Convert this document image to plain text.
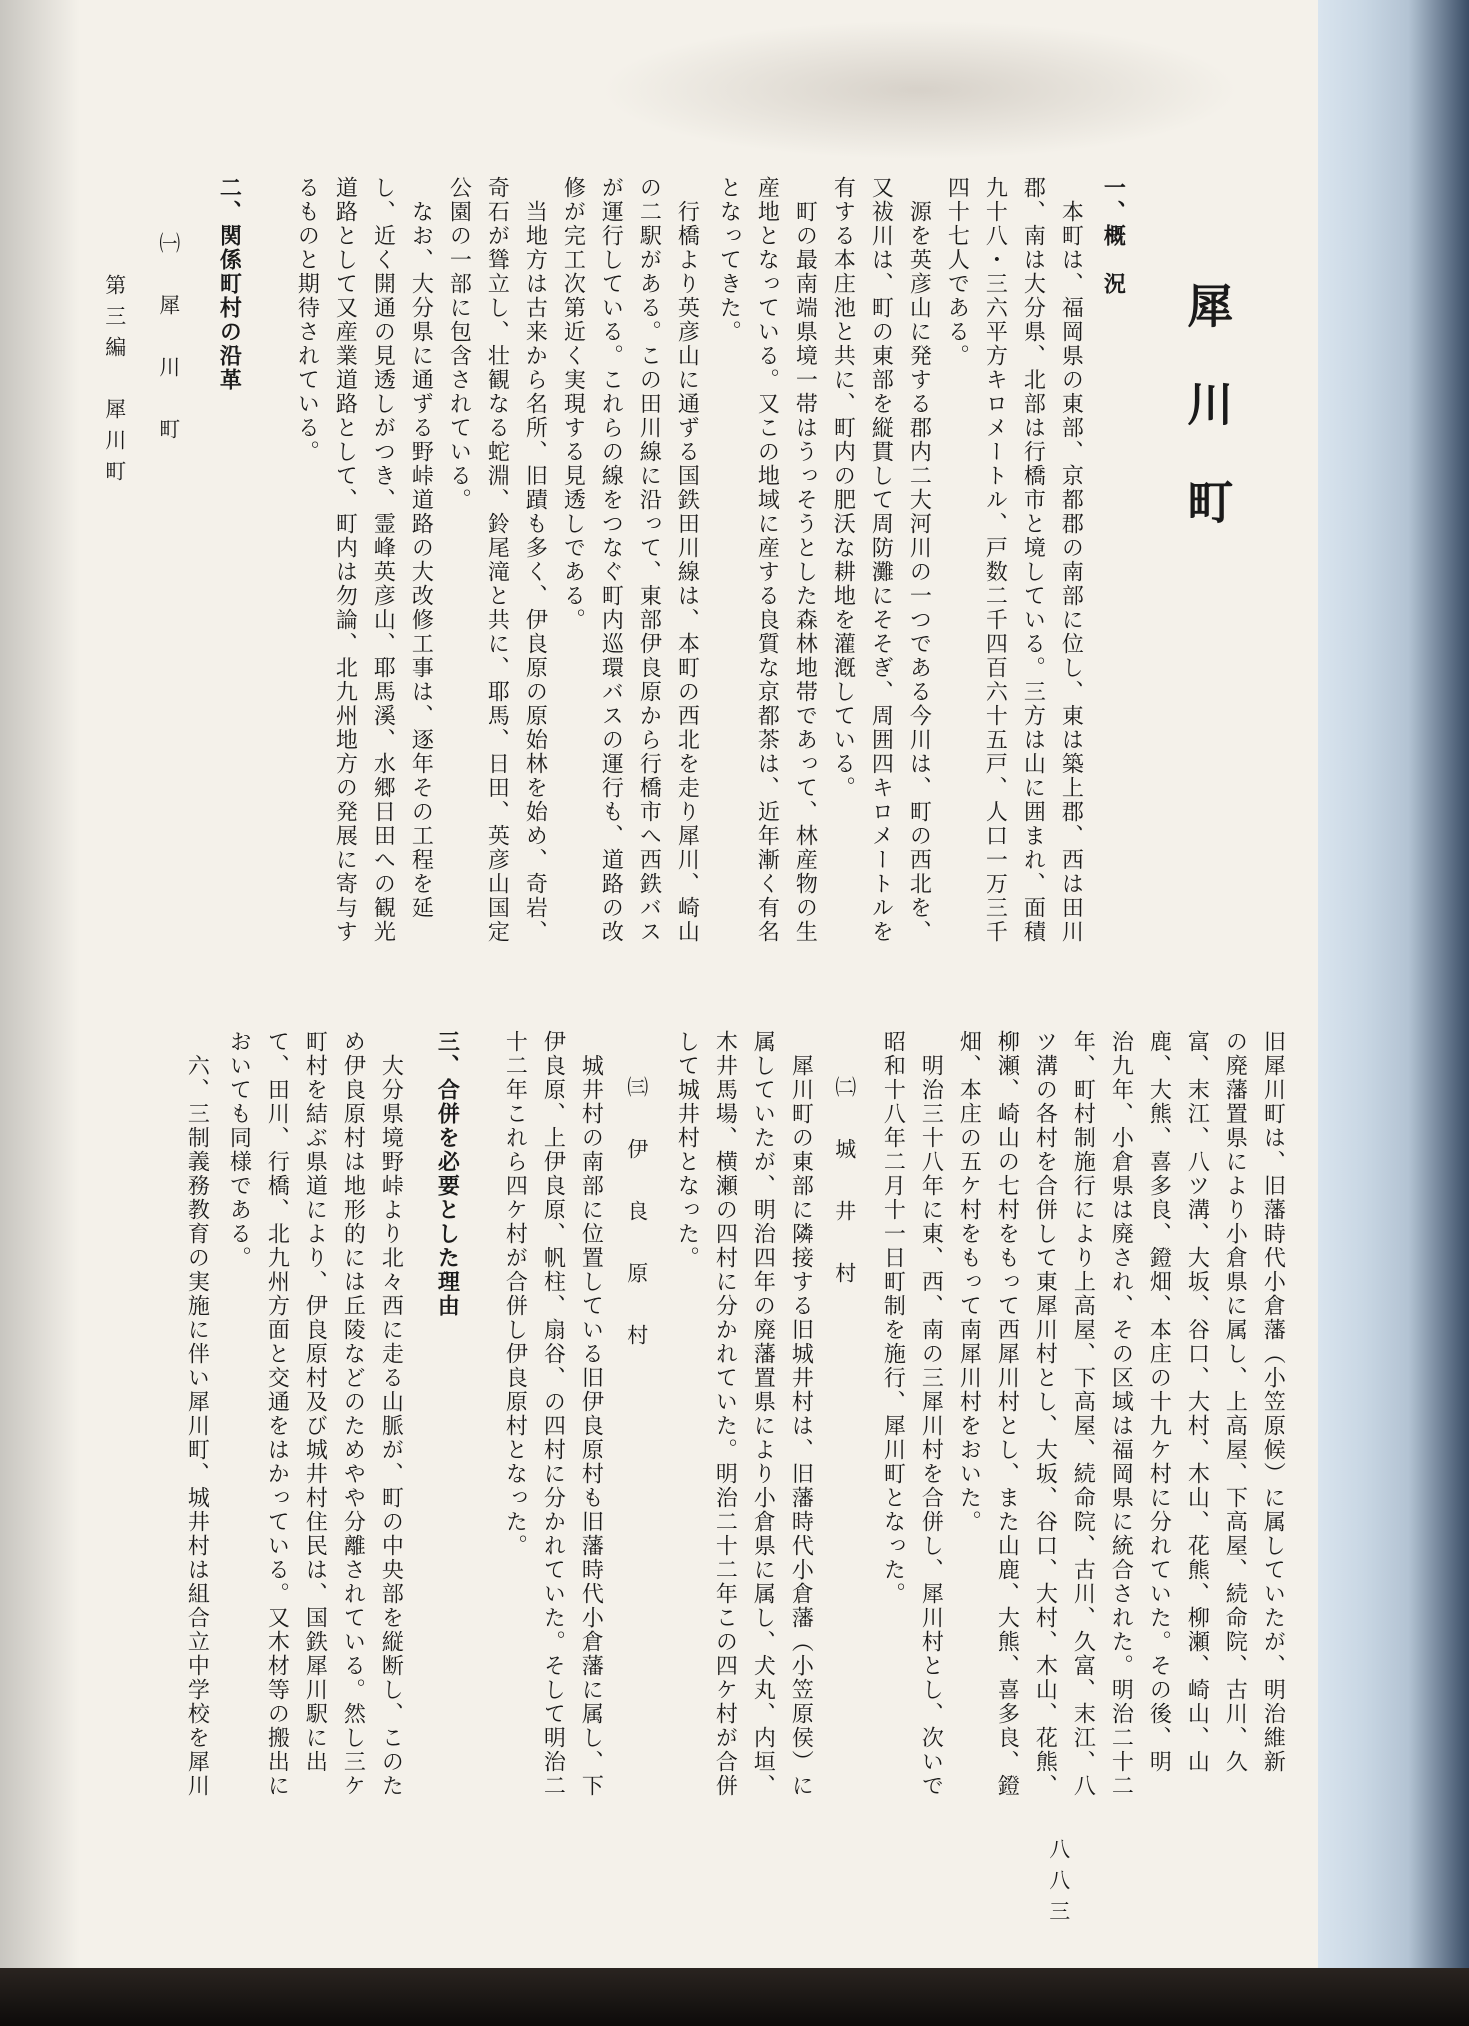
犀川町
一、概　況
本町は、福岡県の東部、京都郡の南部に位し、東は築上郡、西は田川
郡、南は大分県、北部は行橋市と境している。三方は山に囲まれ、面積
九十八・三六平方キロメートル、戸数二千四百六十五戸、人口一万三千
四十七人である。
源を英彦山に発する郡内二大河川の一つである今川は、町の西北を、
又祓川は、町の東部を縦貫して周防灘にそそぎ、周囲四キロメートルを
有する本庄池と共に、町内の肥沃な耕地を灌漑している。
町の最南端県境一帯はうっそうとした森林地帯であって、林産物の生
産地となっている。又この地域に産する良質な京都茶は、近年漸く有名
となってきた。
行橋より英彦山に通ずる国鉄田川線は、本町の西北を走り犀川、崎山
の二駅がある。この田川線に沿って、東部伊良原から行橋市へ西鉄バス
が運行している。これらの線をつなぐ町内巡環バスの運行も、道路の改
修が完工次第近く実現する見透しである。
当地方は古来から名所、旧蹟も多く、伊良原の原始林を始め、奇岩、
奇石が聳立し、壮観なる蛇淵、鈴尾滝と共に、耶馬、日田、英彦山国定
公園の一部に包含されている。
なお、大分県に通ずる野峠道路の大改修工事は、逐年その工程を延
し、近く開通の見透しがつき、霊峰英彦山、耶馬溪、水郷日田への観光
道路として又産業道路として、町内は勿論、北九州地方の発展に寄与す
るものと期待されている。
二、関係町村の沿革
㈠　犀　川　町
第三編　犀川町
旧犀川町は、旧藩時代小倉藩（小笠原候）に属していたが、明治維新
の廃藩置県により小倉県に属し、上高屋、下高屋、続命院、古川、久
富、末江、八ツ溝、大坂、谷口、大村、木山、花熊、柳瀬、崎山、山
鹿、大熊、喜多良、鐙畑、本庄の十九ケ村に分れていた。その後、明
治九年、小倉県は廃され、その区域は福岡県に統合された。明治二十二
年、町村制施行により上高屋、下高屋、続命院、古川、久富、末江、八
ツ溝の各村を合併して東犀川村とし、大坂、谷口、大村、木山、花熊、
柳瀬、崎山の七村をもって西犀川村とし、また山鹿、大熊、喜多良、鐙
畑、本庄の五ケ村をもって南犀川村をおいた。
明治三十八年に東、西、南の三犀川村を合併し、犀川村とし、次いで
昭和十八年二月十一日町制を施行、犀川町となった。
㈡　城　井　村
犀川町の東部に隣接する旧城井村は、旧藩時代小倉藩（小笠原侯）に
属していたが、明治四年の廃藩置県により小倉県に属し、犬丸、内垣、
木井馬場、横瀬の四村に分かれていた。明治二十二年この四ケ村が合併
して城井村となった。
㈢　伊　良　原　村
城井村の南部に位置している旧伊良原村も旧藩時代小倉藩に属し、下
伊良原、上伊良原、帆柱、扇谷、の四村に分かれていた。そして明治二
十二年これら四ケ村が合併し伊良原村となった。
三、合併を必要とした理由
大分県境野峠より北々西に走る山脈が、町の中央部を縦断し、このた
め伊良原村は地形的には丘陵などのためやや分離されている。然し三ケ
町村を結ぶ県道により、伊良原村及び城井村住民は、国鉄犀川駅に出
て、田川、行橋、北九州方面と交通をはかっている。又木材等の搬出に
おいても同様である。
六、三制義務教育の実施に伴い犀川町、城井村は組合立中学校を犀川
八八三
